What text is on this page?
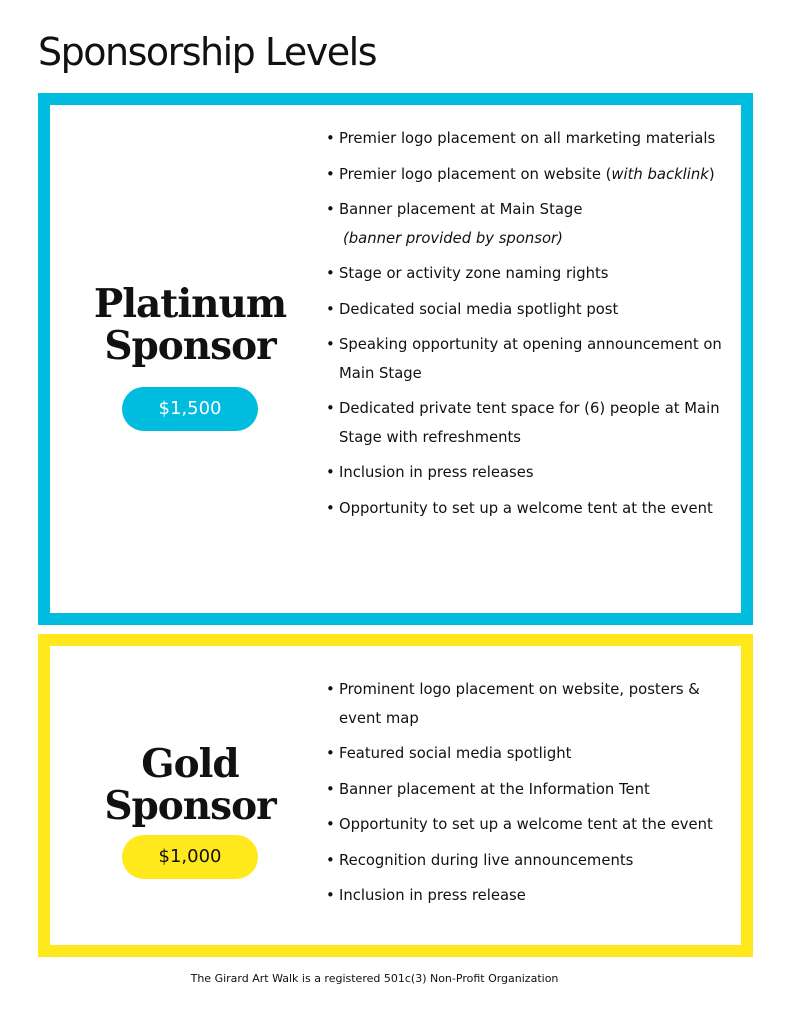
Sponsorship Levels
Platinum
Sponsor
$1,500
• Premier logo placement on all marketing materials
• Premier logo placement on website (with backlink)
• Banner placement at Main Stage
(banner provided by sponsor)
• Stage or activity zone naming rights
• Dedicated social media spotlight post
• Speaking opportunity at opening announcement on Main Stage
• Dedicated private tent space for (6) people at Main Stage with refreshments
• Inclusion in press releases
• Opportunity to set up a welcome tent at the event
Gold
Sponsor
$1,000
• Prominent logo placement on website, posters & event map
• Featured social media spotlight
• Banner placement at the Information Tent
• Opportunity to set up a welcome tent at the event
• Recognition during live announcements
• Inclusion in press release
The Girard Art Walk is a registered 501c(3) Non-Profit Organization
